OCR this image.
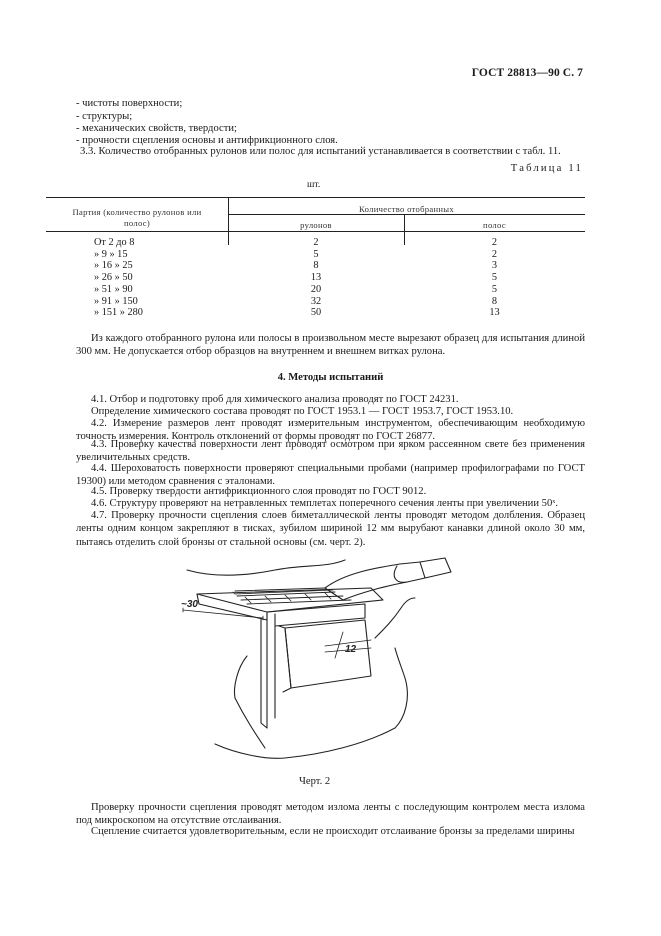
ГОСТ 28813—90 С. 7
- чистоты поверхности;
- структуры;
- механических свойств, твердости;
- прочности сцепления основы и антифрикционного слоя.
3.3. Количество отобранных рулонов или полос для испытаний устанавливается в соответствии с табл. 11.
Таблица 11
шт.
Партия (количество рулонов или
полос)
Количество отобранных
рулонов	полос
От 2 до 8	2	2
» 9 » 15	5	2
» 16 » 25	8	3
» 26 » 50	13	5
» 51 » 90	20	5
» 91 » 150	32	8
» 151 » 280	50	13
Из каждого отобранного рулона или полосы в произвольном месте вырезают образец для испытания длиной 300 мм. Не допускается отбор образцов на внутреннем и внешнем витках рулона.
4. Методы испытаний
4.1. Отбор и подготовку проб для химического анализа проводят по ГОСТ 24231.
Определение химического состава проводят по ГОСТ 1953.1 — ГОСТ 1953.7, ГОСТ 1953.10.
4.2. Измерение размеров лент проводят измерительным инструментом, обеспечивающим необходимую точность измерения. Контроль отклонений от формы проводят по ГОСТ 26877.
4.3. Проверку качества поверхности лент проводят осмотром при ярком рассеянном свете без применения увеличительных средств.
4.4. Шероховатость поверхности проверяют специальными пробами (например профилографами по ГОСТ 19300) или методом сравнения с эталонами.
4.5. Проверку твердости антифрикционного слоя проводят по ГОСТ 9012.
4.6. Структуру проверяют на нетравленных темплетах поперечного сечения ленты при увеличении 50ˣ.
4.7. Проверку прочности сцепления слоев биметаллической ленты проводят методом долбления. Образец ленты одним концом закрепляют в тисках, зубилом шириной 12 мм вырубают канавки длиной около 30 мм, пытаясь отделить слой бронзы от стальной основы (см. черт. 2).
~30
12
Черт. 2
Проверку прочности сцепления проводят методом излома ленты с последующим контролем места излома под микроскопом на отсутствие отслаивания.
Сцепление считается удовлетворительным, если не происходит отслаивание бронзы за пределами ширины
